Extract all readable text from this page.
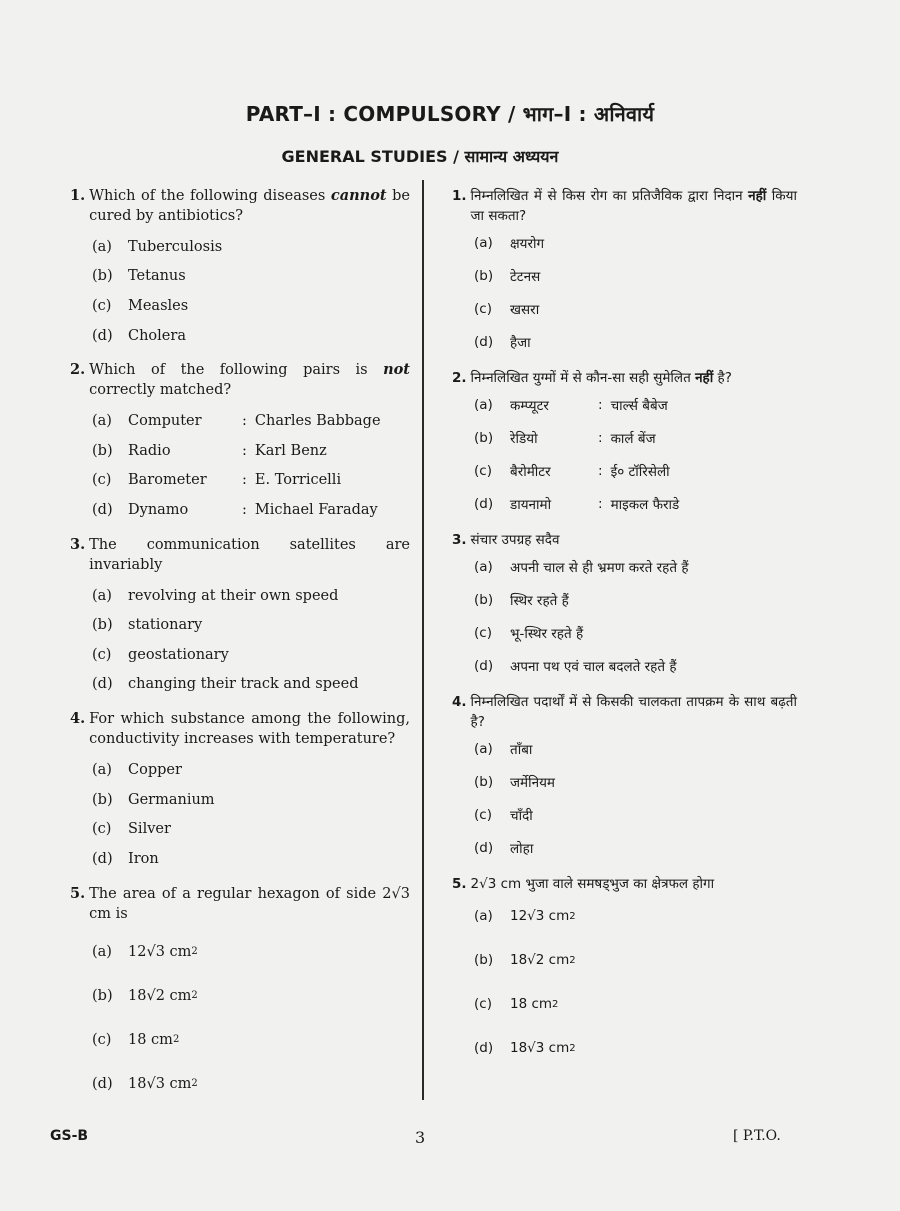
PART–I : COMPULSORY / भाग–I : अनिवार्य
GENERAL STUDIES / सामान्य अध्ययन
1. Which of the following diseases cannot be cured by antibiotics?
(a)	Tuberculosis
(b)	Tetanus
(c)	Measles
(d)	Cholera
2. Which of the following pairs is not correctly matched?
(a)	Computer	: Charles Babbage
(b)	Radio	: Karl Benz
(c)	Barometer	: E. Torricelli
(d)	Dynamo	: Michael Faraday
3. The communication satellites are invariably
(a)	revolving at their own speed
(b)	stationary
(c)	geostationary
(d)	changing their track and speed
4. For which substance among the following, conductivity increases with temperature?
(a)	Copper
(b)	Germanium
(c)	Silver
(d)	Iron
5. The area of a regular hexagon of side 2√3 cm is
(a)	12√3 cm 2
(b)	18√2 cm 2
(c)	18 cm 2
(d)	18√3 cm 2
1. निम्नलिखित में से किस रोग का प्रतिजैविक द्वारा निदान नहीं किया जा सकता?
(a)	क्षयरोग
(b)	टेटनस
(c)	खसरा
(d)	हैजा
2. निम्नलिखित युग्मों में से कौन-सा सही सुमेलित नहीं है?
(a)	कम्प्यूटर	: चार्ल्स बैबेज
(b)	रेडियो	: कार्ल बेंज
(c)	बैरोमीटर	: ई० टॉरिसेली
(d)	डायनामो	: माइकल फैराडे
3. संचार उपग्रह सदैव
(a)	अपनी चाल से ही भ्रमण करते रहते हैं
(b)	स्थिर रहते हैं
(c)	भू-स्थिर रहते हैं
(d)	अपना पथ एवं चाल बदलते रहते हैं
4. निम्नलिखित पदार्थों में से किसकी चालकता तापक्रम के साथ बढ़ती है?
(a)	ताँबा
(b)	जर्मेनियम
(c)	चाँदी
(d)	लोहा
5. 2√3 cm भुजा वाले समषड्भुज का क्षेत्रफल होगा
(a)	12√3 cm 2
(b)	18√2 cm 2
(c)	18 cm 2
(d)	18√3 cm 2
GS-B	3	[ P.T.O.
